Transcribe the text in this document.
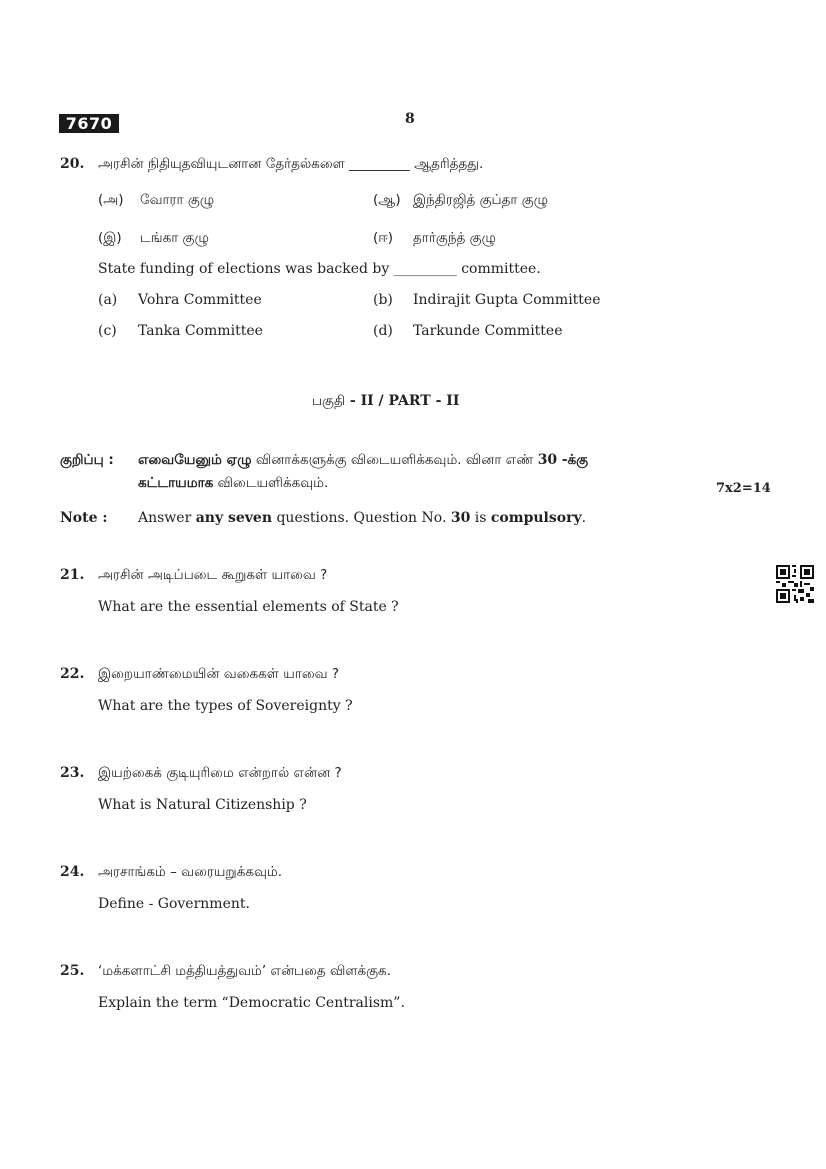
7670	8
20. அரசின் நிதியுதவியுடனான தேர்தல்களை _________ ஆதரித்தது.
(அ) வோரா குழு	(ஆ) இந்திரஜித் குப்தா குழு
(இ) டங்கா குழு	(ஈ) தார்குந்த் குழு
State funding of elections was backed by _________ committee.
(a) Vohra Committee	(b) Indirajit Gupta Committee
(c) Tanka Committee	(d) Tarkunde Committee
பகுதி - II / PART - II
குறிப்பு : எவையேனும் ஏழு வினாக்களுக்கு விடையளிக்கவும். வினா எண் 30 -க்கு
கட்டாயமாக விடையளிக்கவும்.	7x2=14
Note : Answer any seven questions. Question No. 30 is compulsory.
21. அரசின் அடிப்படை கூறுகள் யாவை ?
What are the essential elements of State ?
22. இறையாண்மையின் வகைகள் யாவை ?
What are the types of Sovereignty ?
23. இயற்கைக் குடியுரிமை என்றால் என்ன ?
What is Natural Citizenship ?
24. அரசாங்கம் – வரையறுக்கவும்.
Define - Government.
25. ‘மக்களாட்சி மத்தியத்துவம்’ என்பதை விளக்குக.
Explain the term “Democratic Centralism”.
